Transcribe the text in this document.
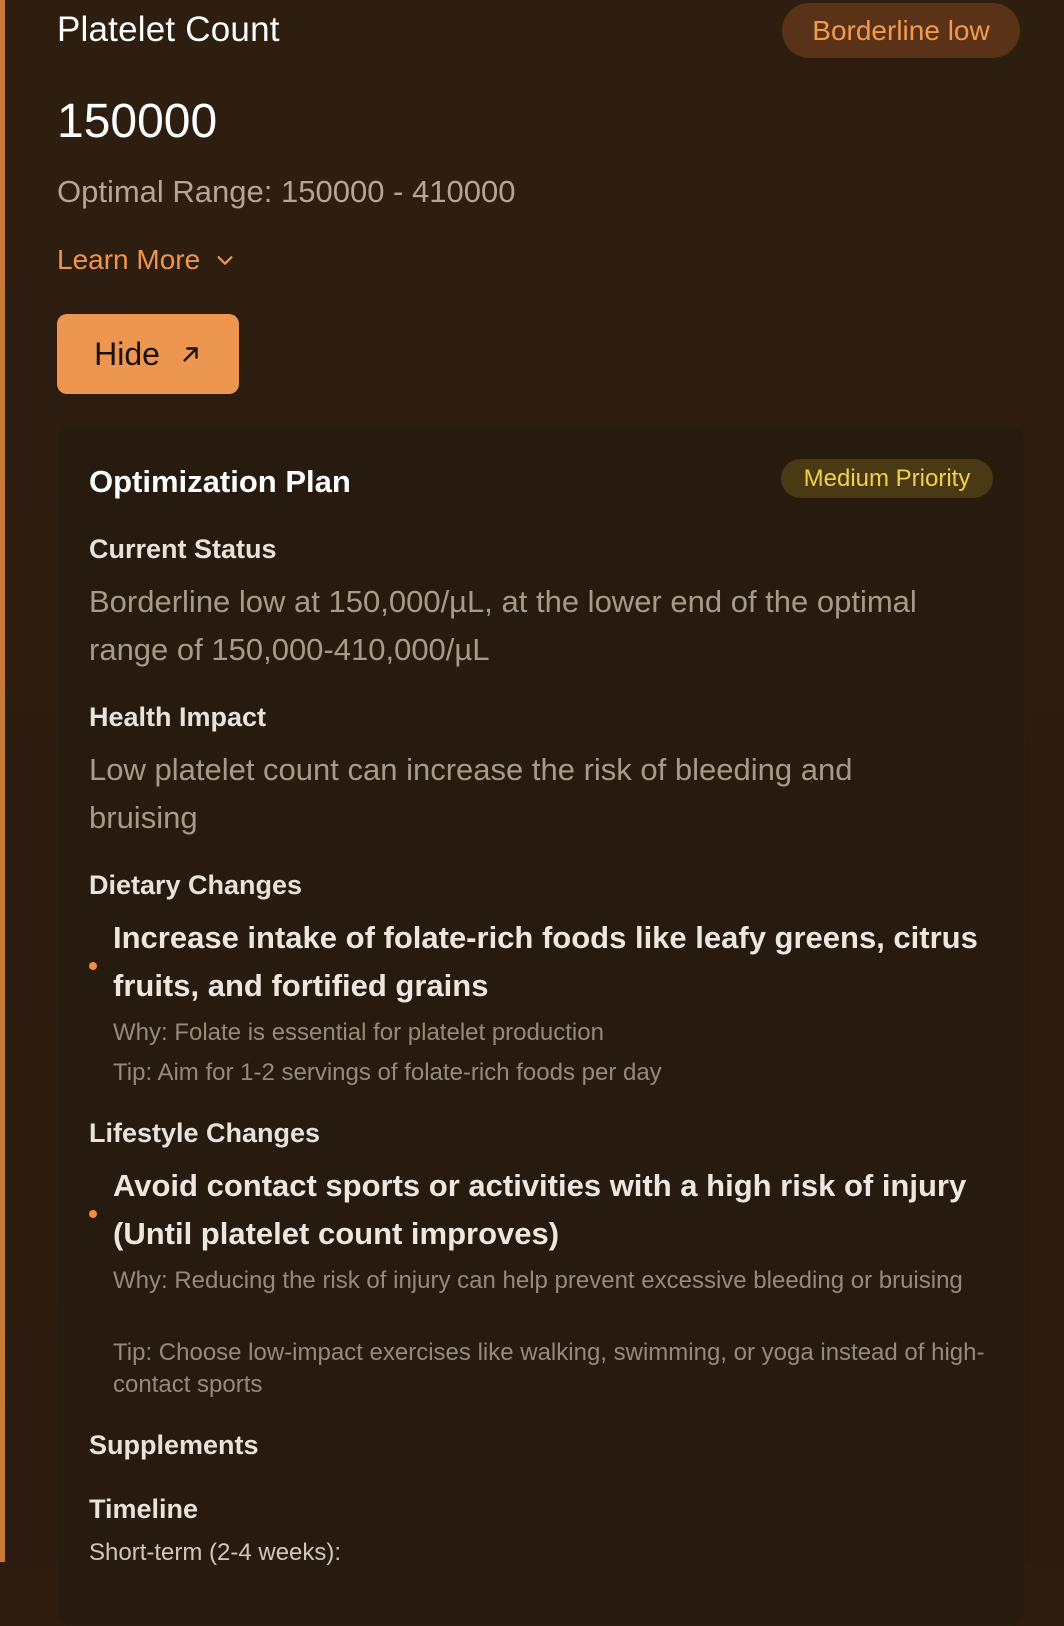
Platelet Count	Borderline low
150000
Optimal Range: 150000 - 410000
Learn More
Hide
Optimization Plan	Medium Priority
Current Status
Borderline low at 150,000/µL, at the lower end of the optimal range of 150,000-410,000/µL
Health Impact
Low platelet count can increase the risk of bleeding and bruising
Dietary Changes
Increase intake of folate-rich foods like leafy greens, citrus fruits, and fortified grains
Why: Folate is essential for platelet production
Tip: Aim for 1-2 servings of folate-rich foods per day
Lifestyle Changes
Avoid contact sports or activities with a high risk of injury (Until platelet count improves)
Why: Reducing the risk of injury can help prevent excessive bleeding or bruising
Tip: Choose low-impact exercises like walking, swimming, or yoga instead of high-contact sports
Supplements
Timeline
Short-term (2-4 weeks):
